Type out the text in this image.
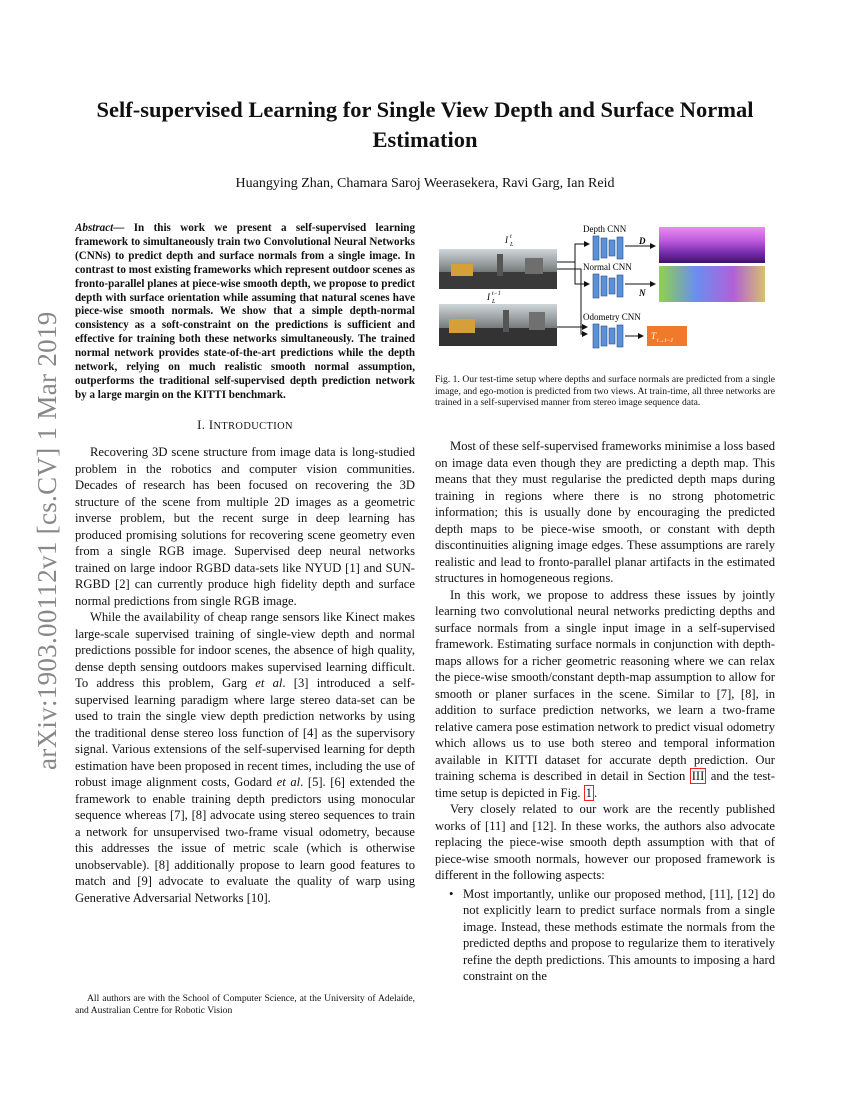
arXiv:1903.00112v1 [cs.CV] 1 Mar 2019
Self-supervised Learning for Single View Depth and Surface Normal
Estimation
Huangying Zhan, Chamara Saroj Weerasekera, Ravi Garg, Ian Reid
Abstract— In this work we present a self-supervised learning framework to simultaneously train two Convolutional Neural Networks (CNNs) to predict depth and surface normals from a single image. In contrast to most existing frameworks which represent outdoor scenes as fronto-parallel planes at piece-wise smooth depth, we propose to predict depth with surface orientation while assuming that natural scenes have piece-wise smooth normals. We show that a simple depth-normal consistency as a soft-constraint on the predictions is sufficient and effective for training both these networks simultaneously. The trained normal network provides state-of-the-art predictions while the depth network, relying on much realistic smooth normal assumption, outperforms the traditional self-supervised depth prediction network by a large margin on the KITTI benchmark.
I. INTRODUCTION

Recovering 3D scene structure from image data is long-studied problem in the robotics and computer vision communities. Decades of research has been focused on recovering the 3D structure of the scene from multiple 2D images as a geometric inverse problem, but the recent surge in deep learning has produced promising solutions for recovering scene geometry even from a single RGB image. Supervised deep neural networks trained on large indoor RGBD data-sets like NYUD [1] and SUN-RGBD [2] can currently produce high fidelity depth and surface normal predictions from single RGB image.

While the availability of cheap range sensors like Kinect makes large-scale supervised training of single-view depth and normal predictions possible for indoor scenes, the absence of high quality, dense depth sensing outdoors makes supervised learning difficult. To address this problem, Garg et al. [3] introduced a self-supervised learning paradigm where large stereo data-set can be used to train the single view depth prediction networks by using the traditional dense stereo loss function of [4] as the supervisory signal. Various extensions of the self-supervised learning for depth estimation have been proposed in recent times, including the use of robust image alignment costs, Godard et al. [5]. [6] extended the framework to enable training depth predictors using monocular sequence whereas [7], [8] advocate using stereo sequences to train a network for unsupervised two-frame visual odometry, because this addresses the issue of metric scale (which is otherwise unobservable). [8] additionally propose to learn good features to match and [9] advocate to evaluate the quality of warp using Generative Adversarial Networks [10].

All authors are with the School of Computer Science, at the University of Adelaide, and Australian Centre for Robotic Vision
I t
L
I t−1
L
Depth CNN
D
Normal CNN
N
Odometry CNN
T t→t−1
Fig. 1. Our test-time setup where depths and surface normals are predicted from a single image, and ego-motion is predicted from two views. At train-time, all three networks are trained in a self-supervised manner from stereo image sequence data.

Most of these self-supervised frameworks minimise a loss based on image data even though they are predicting a depth map. This means that they must regularise the predicted depth maps during training in regions where there is no strong photometric information; this is usually done by encouraging the predicted depth maps to be piece-wise smooth, or constant with depth discontinuities aligning image edges. These assumptions are rarely realistic and lead to fronto-parallel planar artifacts in the estimated structures in homogeneous regions.

In this work, we propose to address these issues by jointly learning two convolutional neural networks predicting depths and surface normals from a single input image in a self-supervised framework. Estimating surface normals in conjunction with depth-maps allows for a richer geometric reasoning where we can relax the piece-wise smooth/constant depth-map assumption to allow for smooth or planer surfaces in the scene. Similar to [7], [8], in addition to surface prediction networks, we learn a two-frame relative camera pose estimation network to predict visual odometry which allows us to use both stereo and temporal information available in KITTI dataset for accurate depth prediction. Our training schema is described in detail in Section III and the test-time setup is depicted in Fig. 1 .

Very closely related to our work are the recently published works of [11] and [12]. In these works, the authors also advocate replacing the piece-wise smooth depth assumption with that of piece-wise smooth normals, however our proposed framework is different in the following aspects:

• Most importantly, unlike our proposed method, [11], [12] do not explicitly learn to predict surface normals from a single image. Instead, these methods estimate the normals from the predicted depths and propose to regularize them to iteratively refine the depth predictions. This amounts to imposing a hard constraint on the
